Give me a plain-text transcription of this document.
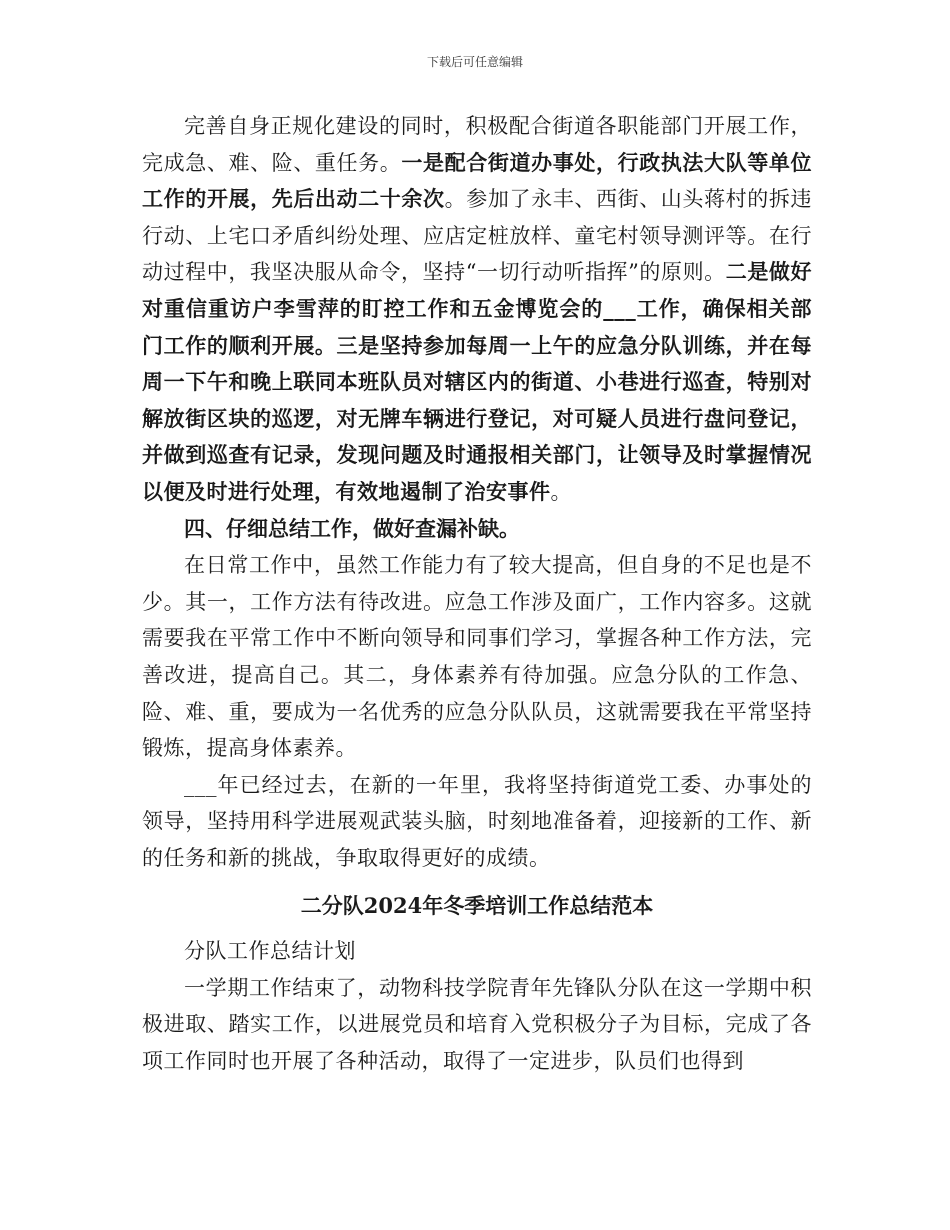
下载后可任意编辑

完善自身正规化建设的同时，积极配合街道各职能部门开展工作，完成急、难、险、重任务。一是配合街道办事处，行政执法大队等单位工作的开展，先后出动二十余次。参加了永丰、西街、山头蒋村的拆违行动、上宅口矛盾纠纷处理、应店定桩放样、童宅村领导测评等。在行动过程中，我坚决服从命令，坚持“一切行动听指挥”的原则。二是做好对重信重访户李雪萍的盯控工作和五金博览会的___工作，确保相关部门工作的顺利开展。三是坚持参加每周一上午的应急分队训练，并在每周一下午和晚上联同本班队员对辖区内的街道、小巷进行巡查，特别对解放街区块的巡逻，对无牌车辆进行登记，对可疑人员进行盘问登记，并做到巡查有记录，发现问题及时通报相关部门，让领导及时掌握情况以便及时进行处理，有效地遏制了治安事件。

四、仔细总结工作，做好查漏补缺。

在日常工作中，虽然工作能力有了较大提高，但自身的不足也是不少。其一，工作方法有待改进。应急工作涉及面广，工作内容多。这就需要我在平常工作中不断向领导和同事们学习，掌握各种工作方法，完善改进，提高自己。其二，身体素养有待加强。应急分队的工作急、险、难、重，要成为一名优秀的应急分队队员，这就需要我在平常坚持锻炼，提高身体素养。

___年已经过去，在新的一年里，我将坚持街道党工委、办事处的领导，坚持用科学进展观武装头脑，时刻地准备着，迎接新的工作、新的任务和新的挑战，争取取得更好的成绩。

二分队2024年冬季培训工作总结范本

分队工作总结计划

一学期工作结束了，动物科技学院青年先锋队分队在这一学期中积极进取、踏实工作，以进展党员和培育入党积极分子为目标，完成了各项工作同时也开展了各种活动，取得了一定进步，队员们也得到
